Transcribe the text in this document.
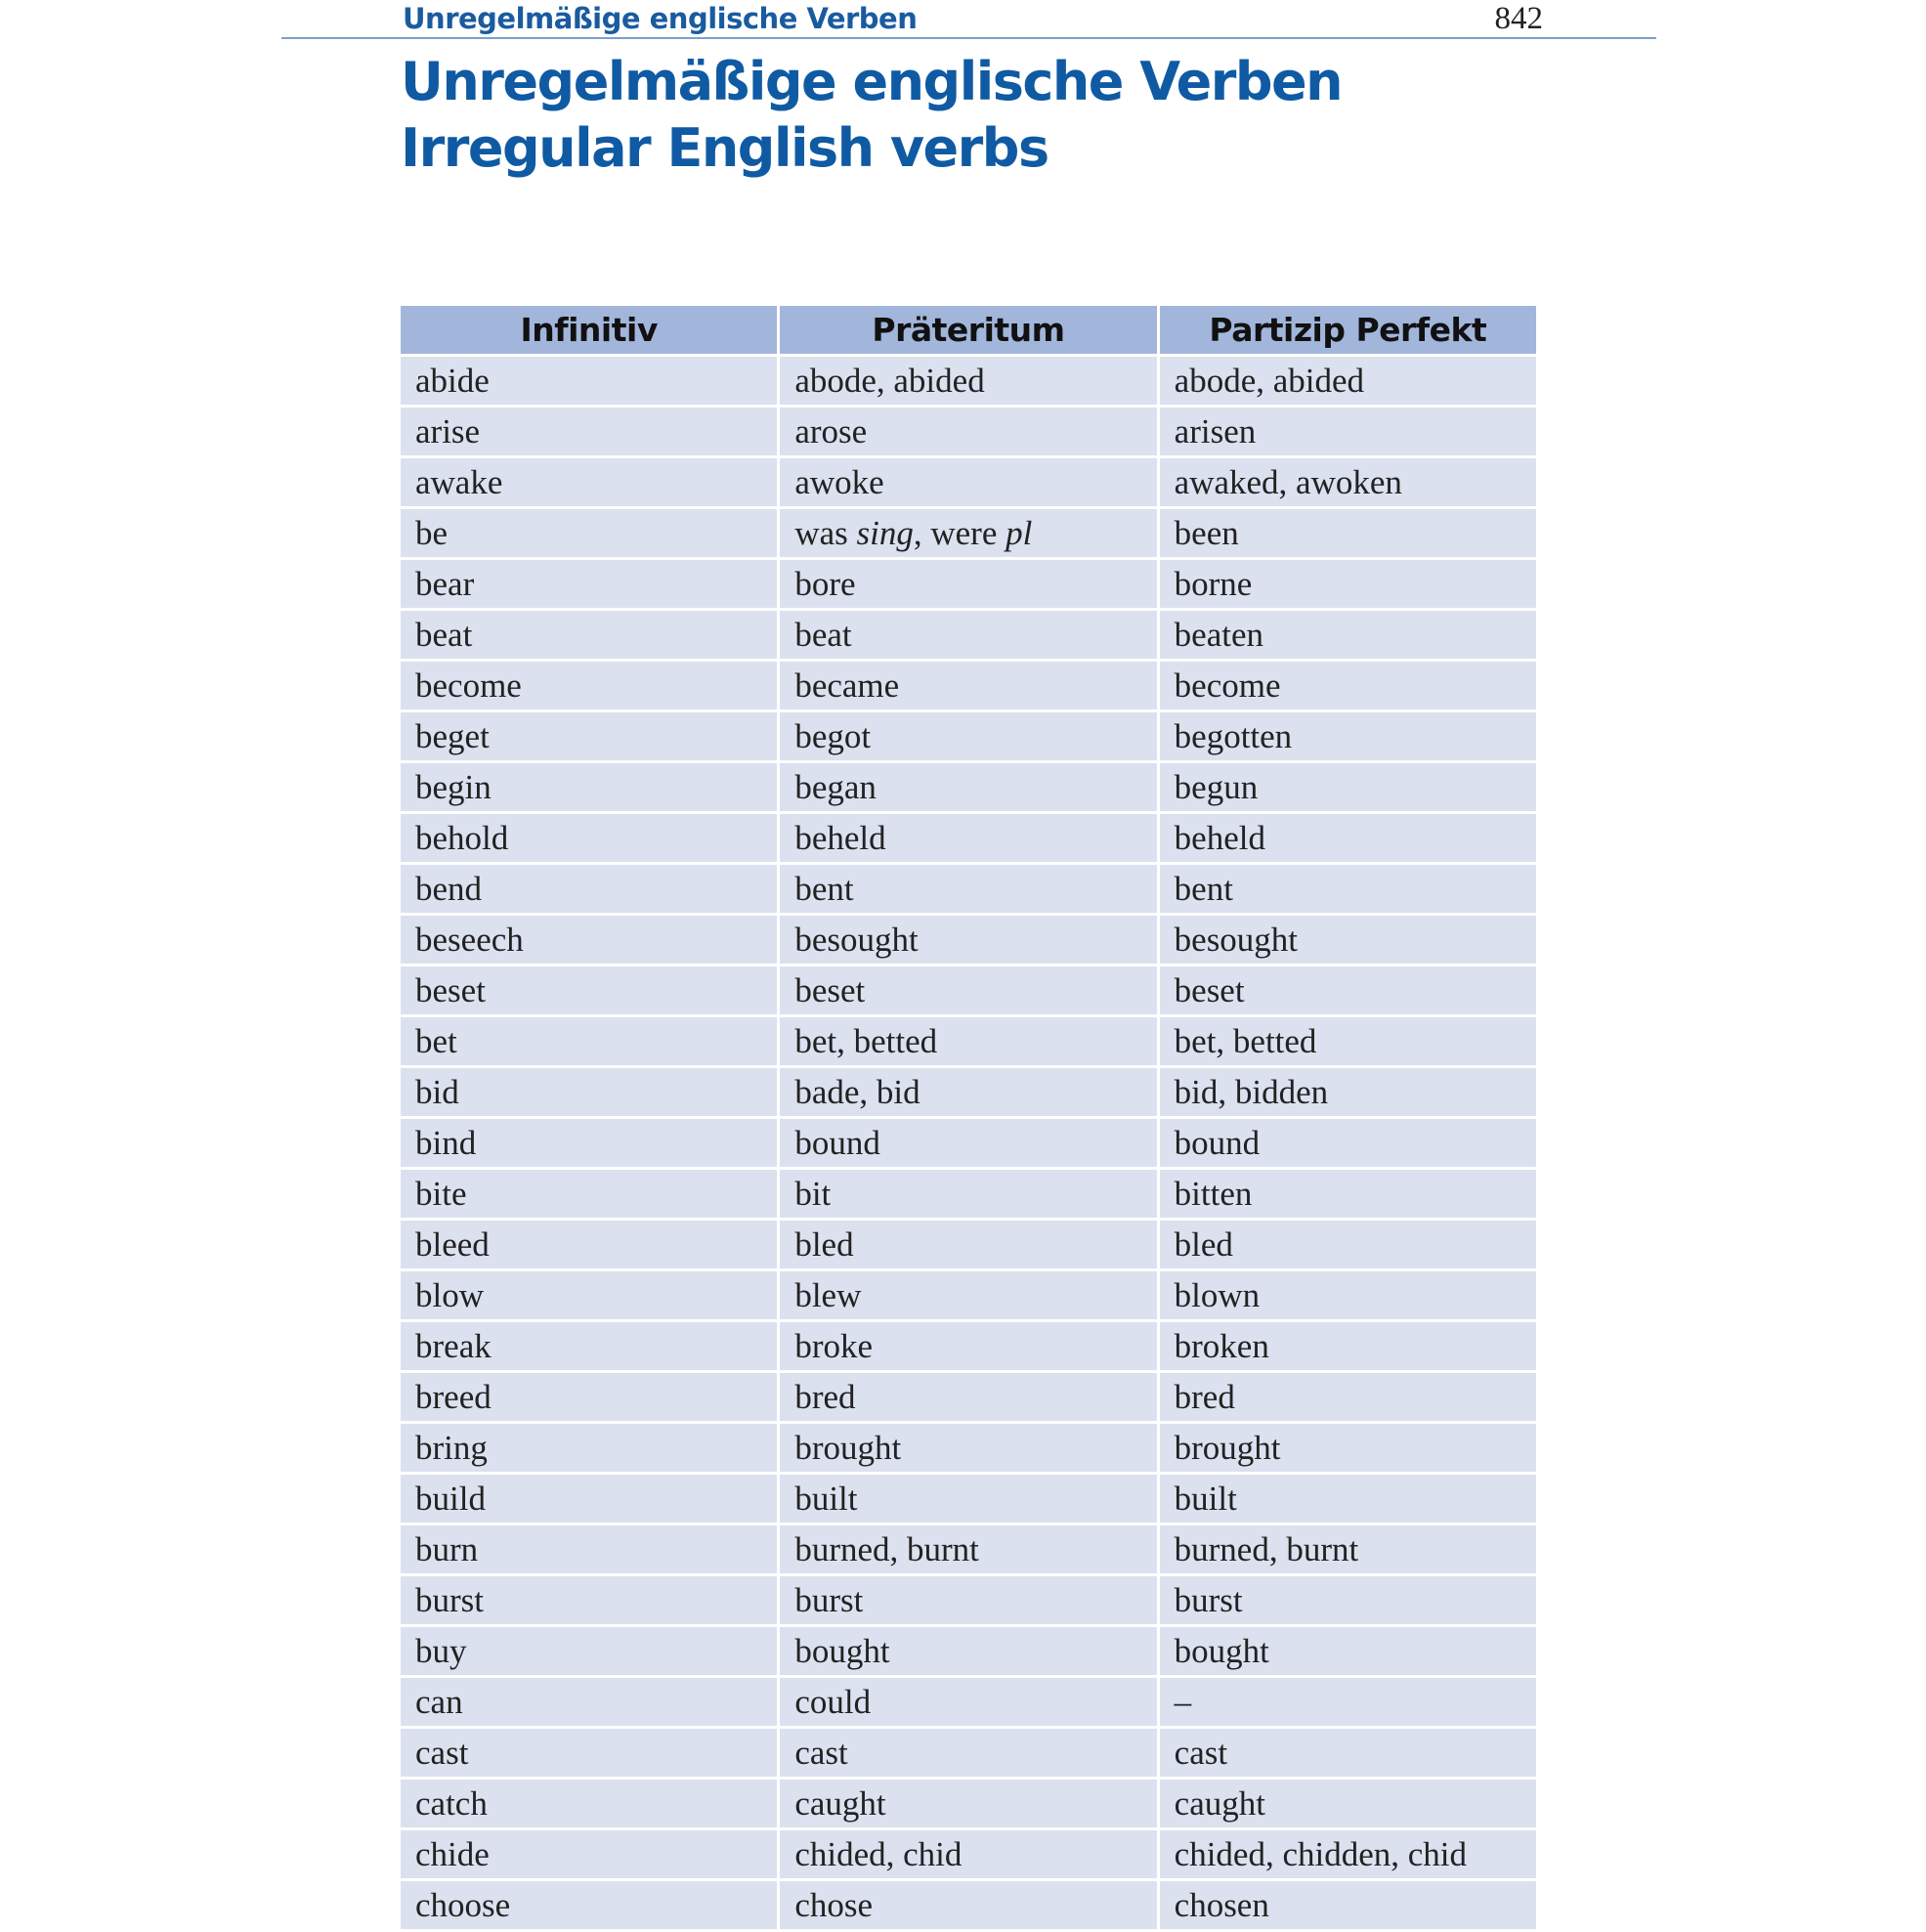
Unregelmäßige englische Verben	842
Unregelmäßige englische Verben
Irregular English verbs
Infinitiv	Präteritum	Partizip Perfekt
abide	abode, abided	abode, abided
arise	arose	arisen
awake	awoke	awaked, awoken
be	was sing, were pl	been
bear	bore	borne
beat	beat	beaten
become	became	become
beget	begot	begotten
begin	began	begun
behold	beheld	beheld
bend	bent	bent
beseech	besought	besought
beset	beset	beset
bet	bet, betted	bet, betted
bid	bade, bid	bid, bidden
bind	bound	bound
bite	bit	bitten
bleed	bled	bled
blow	blew	blown
break	broke	broken
breed	bred	bred
bring	brought	brought
build	built	built
burn	burned, burnt	burned, burnt
burst	burst	burst
buy	bought	bought
can	could	–
cast	cast	cast
catch	caught	caught
chide	chided, chid	chided, chidden, chid
choose	chose	chosen
